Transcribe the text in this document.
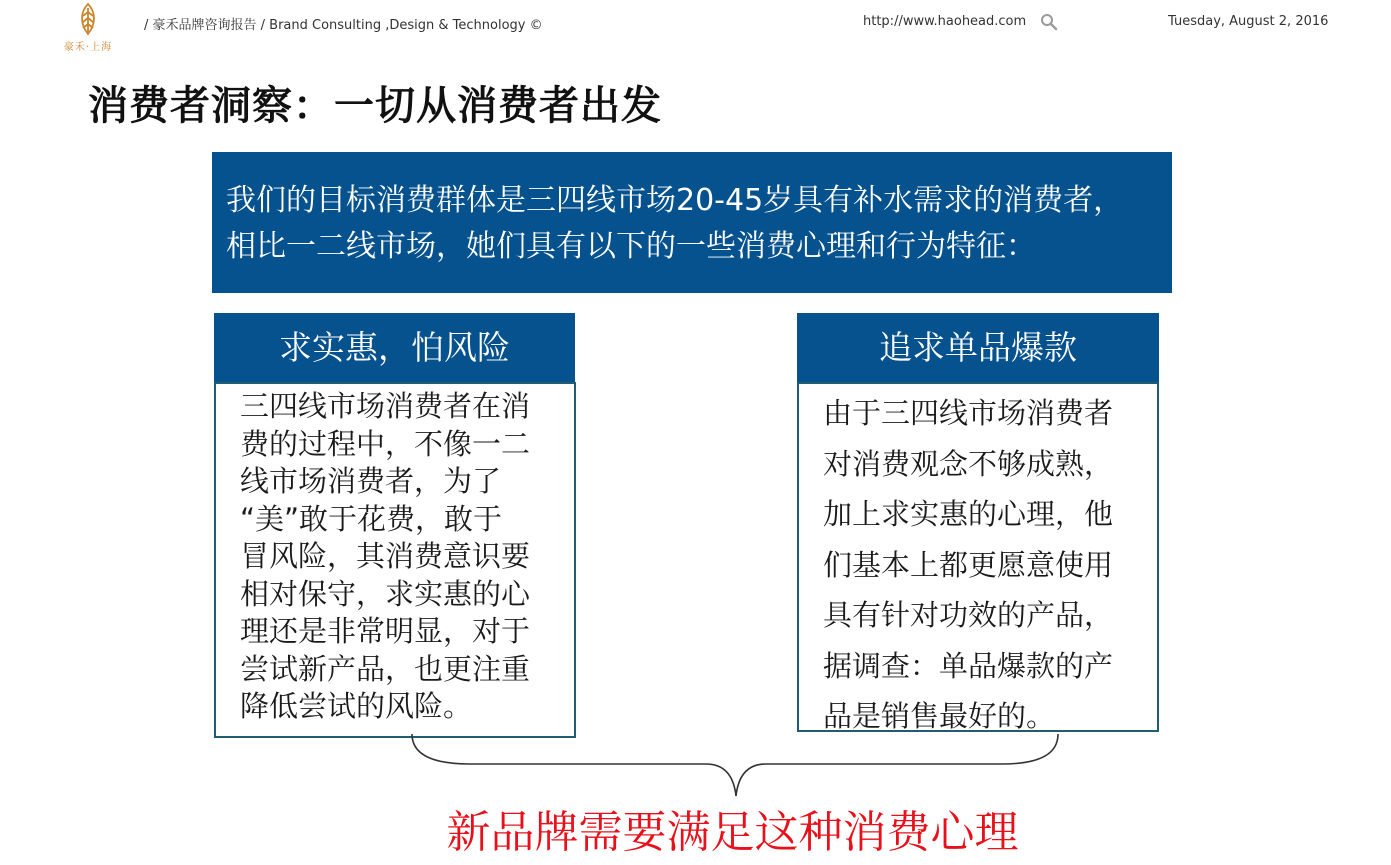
豪禾·上海
/ 豪禾品牌咨询报告 / Brand Consulting ,Design & Technology ©	http://www.haohead.com	Tuesday, August 2, 2016
消费者洞察：一切从消费者出发
我们的目标消费群体是三四线市场20-45岁具有补水需求的消费者，
相比一二线市场，她们具有以下的一些消费心理和行为特征：
求实惠，怕风险
三四线市场消费者在消
费的过程中，不像一二
线市场消费者，为了
“美”敢于花费，敢于
冒风险，其消费意识要
相对保守，求实惠的心
理还是非常明显，对于
尝试新产品，也更注重
降低尝试的风险。
追求单品爆款
由于三四线市场消费者
对消费观念不够成熟，
加上求实惠的心理，他
们基本上都更愿意使用
具有针对功效的产品，
据调查：单品爆款的产
品是销售最好的。
新品牌需要满足这种消费心理
